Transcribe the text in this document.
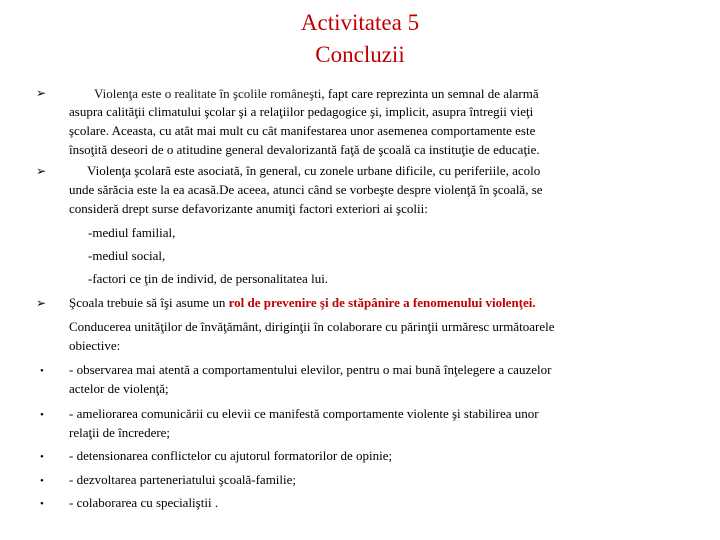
Activitatea 5
Concluzii
➢	Violenţa este o realitate în şcolile româneşti, fapt care reprezinta un semnal de alarmă
asupra calităţii climatului şcolar şi a relaţiilor pedagogice şi, implicit, asupra întregii vieţi
şcolare. Aceasta, cu atât mai mult cu cât manifestarea unor asemenea comportamente este
însoţită deseori de o atitudine general devalorizantă faţă de şcoală ca instituţie de educaţie.
➢	Violenţa şcolară este asociată, în general, cu zonele urbane dificile, cu periferiile, acolo
unde sărăcia este la ea acasă.De aceea, atunci când se vorbeşte despre violenţă în şcoală, se
consideră drept surse defavorizante anumiţi factori exteriori ai şcolii:
-mediul familial,
-mediul social,
-factori ce ţin de individ, de personalitatea lui.
➢ Şcoala trebuie să îşi asume un rol de prevenire şi de stăpânire a fenomenului violenţei.
Conducerea unităţilor de învăţământ, diriginţii în colaborare cu părinţii urmăresc următoarele
obiective:
• - observarea mai atentă a comportamentului elevilor, pentru o mai bună înţelegere a cauzelor
actelor de violenţă;
• - ameliorarea comunicării cu elevii ce manifestă comportamente violente şi stabilirea unor
relaţii de încredere;
• - detensionarea conflictelor cu ajutorul formatorilor de opinie;
• - dezvoltarea parteneriatului şcoală-familie;
• - colaborarea cu specialiştii .
